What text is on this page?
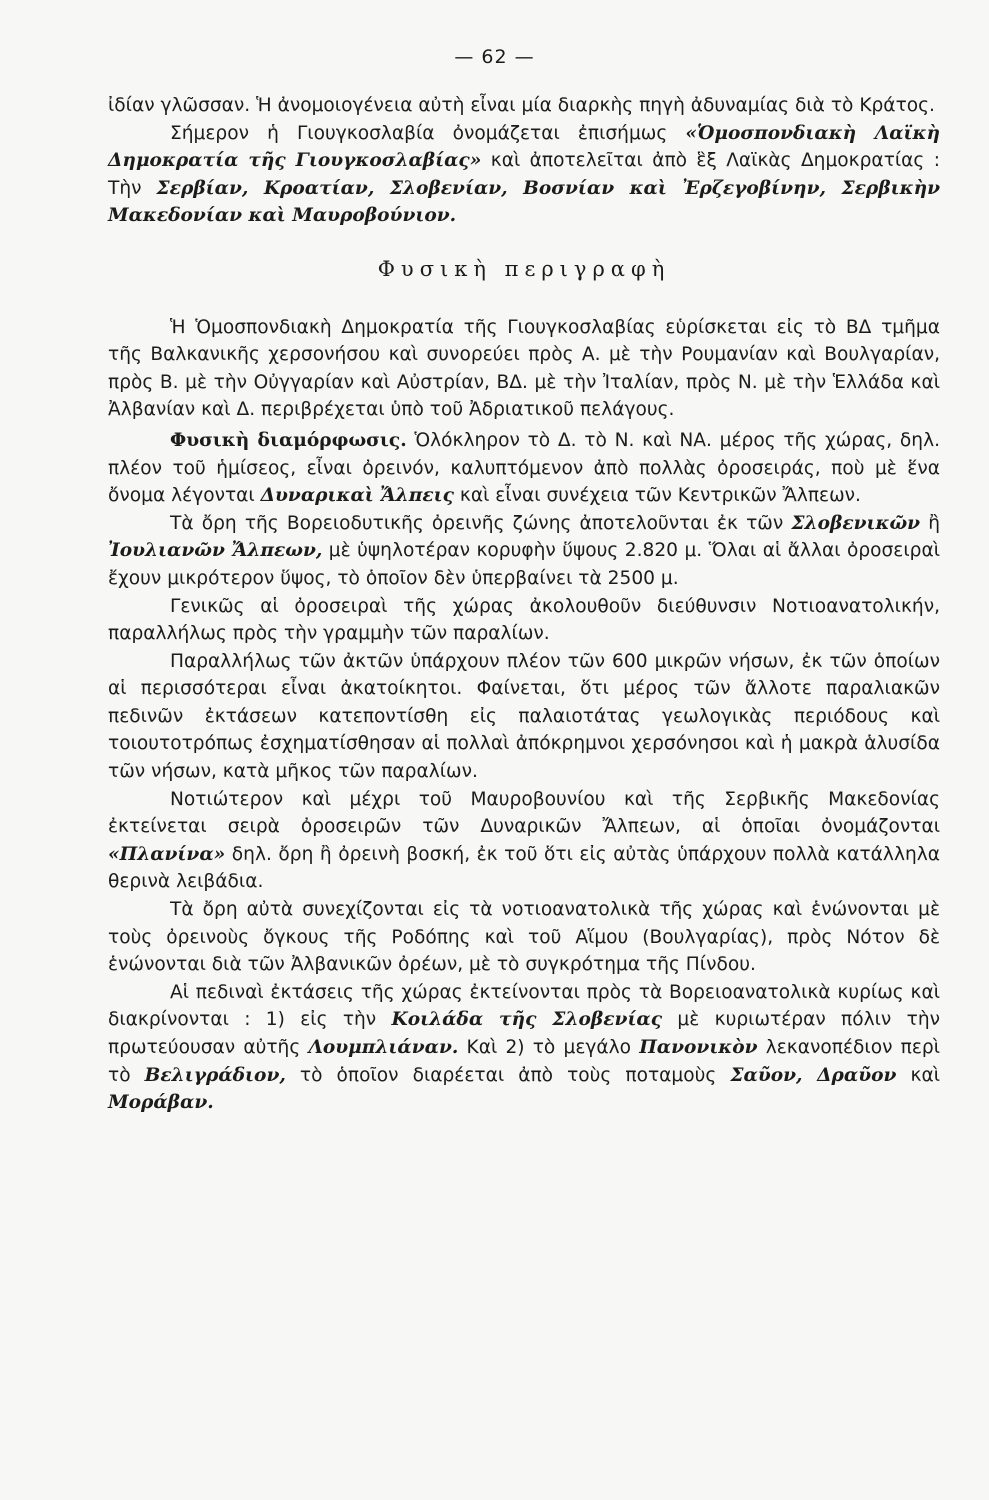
— 62 —

ἰδίαν γλῶσσαν. Ἡ ἀνομοιογένεια αὐτὴ εἶναι μία διαρκὴς πηγὴ ἀδυναμίας διὰ τὸ Κράτος.

Σήμερον ἡ Γιουγκοσλαβία ὀνομάζεται ἐπισήμως «Ὁμοσπονδιακὴ Λαϊκὴ Δημοκρατία τῆς Γιουγκοσλαβίας» καὶ ἀποτελεῖται ἀπὸ ἓξ Λαϊκὰς Δημοκρατίας : Τὴν Σερβίαν, Κροατίαν, Σλοβενίαν, Βοσνίαν καὶ Ἐρζεγοβίνην, Σερβικὴν Μακεδονίαν καὶ Μαυροβούνιον.

Φυσικὴ περιγραφὴ

Ἡ Ὁμοσπονδιακὴ Δημοκρατία τῆς Γιουγκοσλαβίας εὑρίσκεται εἰς τὸ ΒΔ τμῆμα τῆς Βαλκανικῆς χερσονήσου καὶ συνορεύει πρὸς Α. μὲ τὴν Ρουμανίαν καὶ Βουλγαρίαν, πρὸς Β. μὲ τὴν Οὐγγαρίαν καὶ Αὐστρίαν, ΒΔ. μὲ τὴν Ἰταλίαν, πρὸς Ν. μὲ τὴν Ἑλλάδα καὶ Ἀλβανίαν καὶ Δ. περιβρέχεται ὑπὸ τοῦ Ἀδριατικοῦ πελάγους.

Φυσικὴ διαμόρφωσις. Ὁλόκληρον τὸ Δ. τὸ Ν. καὶ ΝΑ. μέρος τῆς χώρας, δηλ. πλέον τοῦ ἡμίσεος, εἶναι ὀρεινόν, καλυπτόμενον ἀπὸ πολλὰς ὀροσειράς, ποὺ μὲ ἕνα ὄνομα λέγονται Δυναρικαὶ Ἄλπεις καὶ εἶναι συνέχεια τῶν Κεντρικῶν Ἄλπεων.

Τὰ ὄρη τῆς Βορειοδυτικῆς ὀρεινῆς ζώνης ἀποτελοῦνται ἐκ τῶν Σλοβενικῶν ἢ Ἰουλιανῶν Ἄλπεων, μὲ ὑψηλοτέραν κορυφὴν ὕψους 2.820 μ. Ὅλαι αἱ ἄλλαι ὀροσειραὶ ἔχουν μικρότερον ὕψος, τὸ ὁποῖον δὲν ὑπερβαίνει τὰ 2500 μ.

Γενικῶς αἱ ὀροσειραὶ τῆς χώρας ἀκολουθοῦν διεύθυνσιν Νοτιοανατολικήν, παραλλήλως πρὸς τὴν γραμμὴν τῶν παραλίων.

Παραλλήλως τῶν ἀκτῶν ὑπάρχουν πλέον τῶν 600 μικρῶν νήσων, ἐκ τῶν ὁποίων αἱ περισσότεραι εἶναι ἀκατοίκητοι. Φαίνεται, ὅτι μέρος τῶν ἄλλοτε παραλιακῶν πεδινῶν ἐκτάσεων κατεποντίσθη εἰς παλαιοτάτας γεωλογικὰς περιόδους καὶ τοιουτοτρόπως ἐσχηματίσθησαν αἱ πολλαὶ ἀπόκρημνοι χερσόνησοι καὶ ἡ μακρὰ ἁλυσίδα τῶν νήσων, κατὰ μῆκος τῶν παραλίων.

Νοτιώτερον καὶ μέχρι τοῦ Μαυροβουνίου καὶ τῆς Σερβικῆς Μακεδονίας ἐκτείνεται σειρὰ ὀροσειρῶν τῶν Δυναρικῶν Ἄλπεων, αἱ ὁποῖαι ὀνομάζονται «Πλανίνα» δηλ. ὄρη ἢ ὀρεινὴ βοσκή, ἐκ τοῦ ὅτι εἰς αὐτὰς ὑπάρχουν πολλὰ κατάλληλα θερινὰ λειβάδια.

Τὰ ὄρη αὐτὰ συνεχίζονται εἰς τὰ νοτιοανατολικὰ τῆς χώρας καὶ ἑνώνονται μὲ τοὺς ὀρεινοὺς ὄγκους τῆς Ροδόπης καὶ τοῦ Αἵμου (Βουλγαρίας), πρὸς Νότον δὲ ἑνώνονται διὰ τῶν Ἀλβανικῶν ὀρέων, μὲ τὸ συγκρότημα τῆς Πίνδου.

Αἱ πεδιναὶ ἐκτάσεις τῆς χώρας ἐκτείνονται πρὸς τὰ Βορειοανατολικὰ κυρίως καὶ διακρίνονται : 1) εἰς τὴν Κοιλάδα τῆς Σλοβενίας μὲ κυριωτέραν πόλιν τὴν πρωτεύουσαν αὐτῆς Λουμπλιάναν. Καὶ 2) τὸ μεγάλο Πανονικὸν λεκανοπέδιον περὶ τὸ Βελιγράδιον, τὸ ὁποῖον διαρέεται ἀπὸ τοὺς ποταμοὺς Σαῦον, Δραῦον καὶ Μοράβαν.
